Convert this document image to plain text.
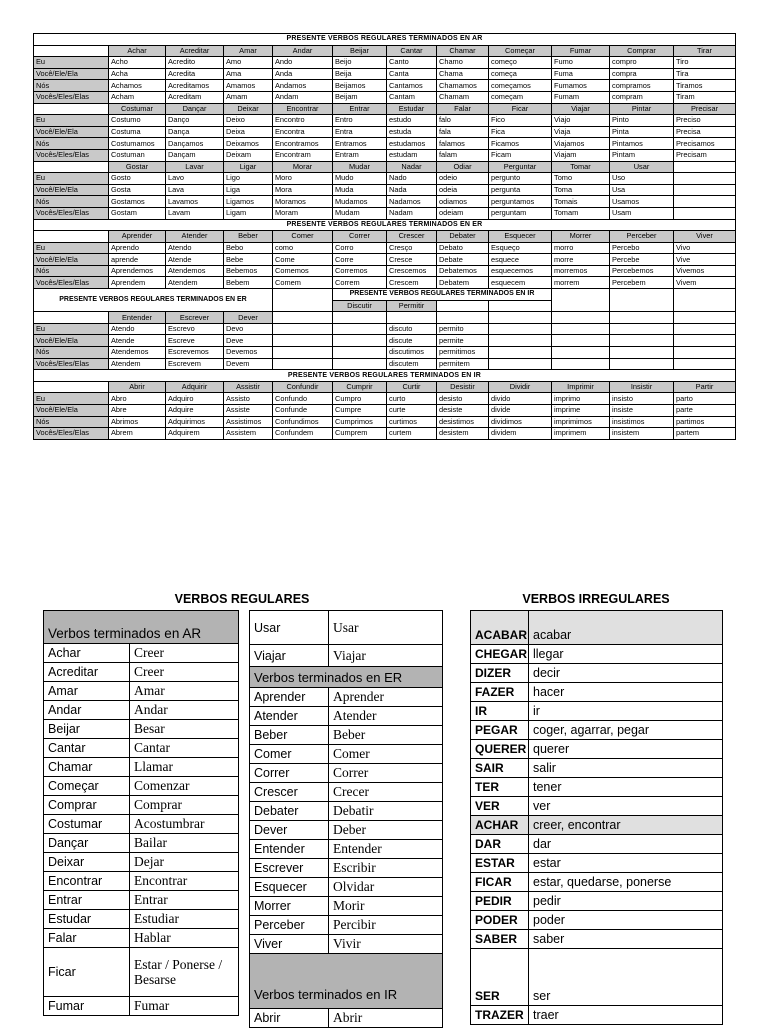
PRESENTE VERBOS REGULARES TERMINADOS EN AR											
	Achar	Acreditar	Amar	Andar	Beijar	Cantar	Chamar	Começar	Fumar	Comprar	Tirar
Eu	Acho	Acredito	Amo	Ando	Beijo	Canto	Chamo	começo	Fumo	compro	Tiro
Você/Ele/Ela	Acha	Acredita	Ama	Anda	Beija	Canta	Chama	começa	Fuma	compra	Tira
Nós	Achamos	Acreditamos	Amamos	Andamos	Beijamos	Cantamos	Chamamos	começamos	Fumamos	compramos	Tiramos
Vocês/Eles/Elas	Acham	Acreditam	Amam	Andam	Beijam	Cantam	Chamam	começam	Fumam	compram	Tiram
	Costumar	Dançar	Deixar	Encontrar	Entrar	Estudar	Falar	Ficar	Viajar	Pintar	Precisar
Eu	Costumo	Danço	Deixo	Encontro	Entro	estudo	falo	Fico	Viajo	Pinto	Preciso
Você/Ele/Ela	Costuma	Dança	Deixa	Encontra	Entra	estuda	fala	Fica	Viaja	Pinta	Precisa
Nós	Costumamos	Dançamos	Deixamos	Encontramos	Entramos	estudamos	falamos	Ficamos	Viajamos	Pintamos	Precisamos
Vocês/Eles/Elas	Costuman	Dançam	Deixam	Encontram	Entram	estudam	falam	Ficam	Viajam	Pintam	Precisam
	Gostar	Lavar	Ligar	Morar	Mudar	Nadar	Odiar	Perguntar	Tomar	Usar	
Eu	Gosto	Lavo	Ligo	Moro	Mudo	Nado	odeio	pergunto	Tomo	Uso	
Você/Ele/Ela	Gosta	Lava	Liga	Mora	Muda	Nada	odeia	pergunta	Toma	Usa	
Nós	Gostamos	Lavamos	Ligamos	Moramos	Mudamos	Nadamos	odiamos	perguntamos	Tomais	Usamos	
Vocês/Eles/Elas	Gostam	Lavam	Ligam	Moram	Mudam	Nadam	odeiam	perguntam	Tomam	Usam	
PRESENTE VERBOS REGULARES TERMINADOS EN ER											
	Aprender	Atender	Beber	Comer	Correr	Crescer	Debater	Esquecer	Morrer	Perceber	Viver
Eu	Aprendo	Atendo	Bebo	como	Corro	Cresço	Debato	Esqueço	morro	Percebo	Vivo
Você/Ele/Ela	aprende	Atende	Bebe	Come	Corre	Cresce	Debate	esquece	morre	Percebe	Vive
Nós	Aprendemos	Atendemos	Bebemos	Comemos	Corremos	Crescemos	Debatemos	esquecemos	morremos	Percebemos	Vivemos
Vocês/Eles/Elas	Aprendem	Atendem	Bebem	Comem	Correm	Crescem	Debatem	esquecem	morrem	Percebem	Vivem
PRESENTE VERBOS REGULARES TERMINADOS EN ER					PRESENTE VERBOS REGULARES TERMINADOS EN IR						
					Discutir	Permitir					
	Entender	Escrever	Dever								
Eu	Atendo	Escrevo	Devo			discuto	permito				
Você/Ele/Ela	Atende	Escreve	Deve			discute	permite				
Nós	Atendemos	Escrevemos	Devemos			discutimos	permitimos				
Vocês/Eles/Elas	Atendem	Escrevem	Devem			discutem	permitem				
PRESENTE VERBOS REGULARES TERMINADOS EN IR											
	Abrir	Adquirir	Assistir	Confundir	Cumprir	Curtir	Desistir	Dividir	Imprimir	Insistir	Partir
Eu	Abro	Adquiro	Assisto	Confundo	Cumpro	curto	desisto	divido	imprimo	insisto	parto
Você/Ele/Ela	Abre	Adquire	Assiste	Confunde	Cumpre	curte	desiste	divide	imprime	insiste	parte
Nós	Abrimos	Adquirimos	Assistimos	Confundimos	Cumprimos	curtimos	desistimos	dividimos	imprimimos	insistimos	partimos
Vocês/Eles/Elas	Abrem	Adquirem	Assistem	Confundem	Cumprem	curtem	desistem	dividem	imprimem	insistem	partem
VERBOS REGULARES
Verbos terminados en AR	
Achar	Creer
Acreditar	Creer
Amar	Amar
Andar	Andar
Beijar	Besar
Cantar	Cantar
Chamar	Llamar
Começar	Comenzar
Comprar	Comprar
Costumar	Acostumbrar
Dançar	Bailar
Deixar	Dejar
Encontrar	Encontrar
Entrar	Entrar
Estudar	Estudiar
Falar	Hablar
Ficar	Estar / Ponerse / Besarse
Fumar	Fumar
Usar	Usar
Viajar	Viajar
Verbos terminados en ER	
Aprender	Aprender
Atender	Atender
Beber	Beber
Comer	Comer
Correr	Correr
Crescer	Crecer
Debater	Debatir
Dever	Deber
Entender	Entender
Escrever	Escribir
Esquecer	Olvidar
Morrer	Morir
Perceber	Percibir
Viver	Vivir
Verbos terminados en IR	
Abrir	Abrir
VERBOS IRREGULARES
ACABAR	acabar
CHEGAR	llegar
DIZER	decir
FAZER	hacer
IR	ir
PEGAR	coger, agarrar, pegar
QUERER	querer
SAIR	salir
TER	tener
VER	ver
ACHAR	creer, encontrar
DAR	dar
ESTAR	estar
FICAR	estar, quedarse, ponerse
PEDIR	pedir
PODER	poder
SABER	saber
SER	ser
TRAZER	traer
